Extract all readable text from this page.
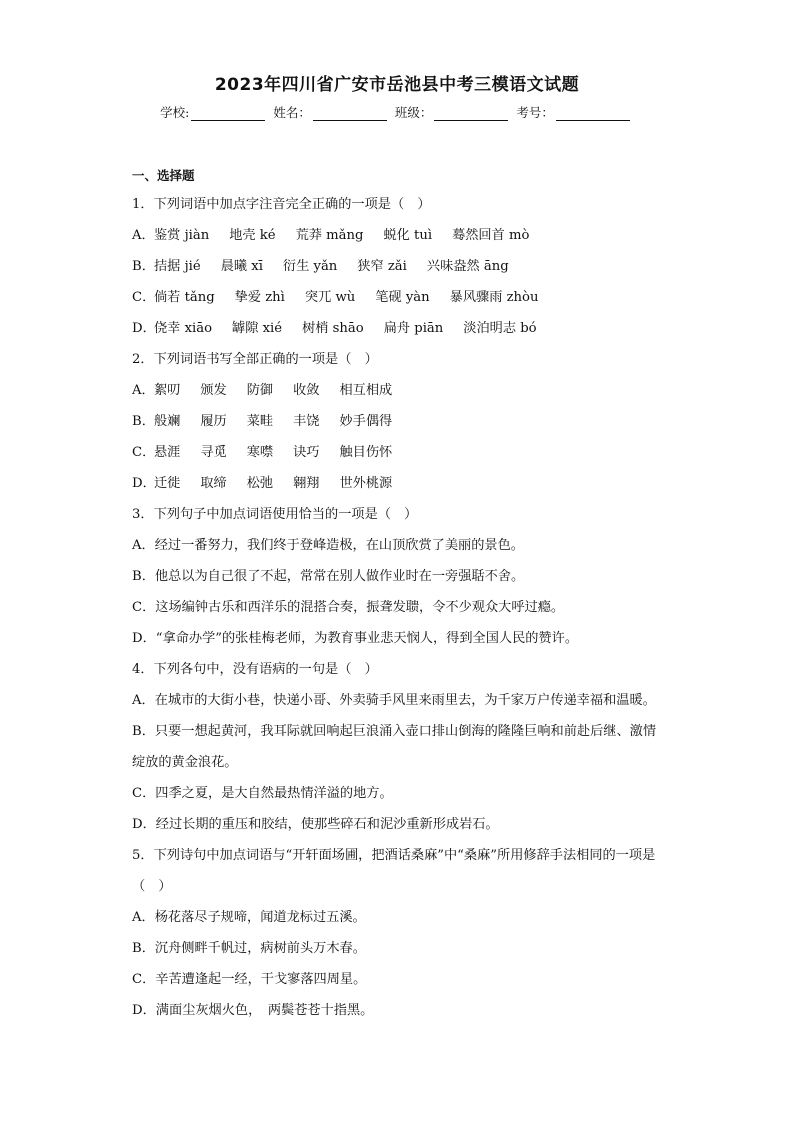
2023年四川省广安市岳池县中考三模语文试题
学校:	姓名：	班级：	考号：
一、选择题
1．下列词语中加点字注音完全正确的一项是（　）
A．鉴赏 jiàn 地壳 ké 荒莽 mǎng 蜕化 tuì 蓦然回首 mò
B．拮据 jié 晨曦 xī 衍生 yǎn 狭窄 zǎi 兴味盎然 āng
C．倘若 tǎng 挚爱 zhì 突兀 wù 笔砚 yàn 暴风骤雨 zhòu
D．侥幸 xiāo 罅隙 xié 树梢 shāo 扁舟 piān 淡泊明志 bó
2．下列词语书写全部正确的一项是（　）
A．絮叨 颁发 防御 收敛 相互相成
B．般斓 履历 菜畦 丰饶 妙手偶得
C．悬涯 寻觅 寒噤 诀巧 触目伤怀
D．迁徙 取缔 松弛 翱翔 世外桃源
3．下列句子中加点词语使用恰当的一项是（　）
A．经过一番努力，我们终于登峰造极，在山顶欣赏了美丽的景色。
B．他总以为自己很了不起，常常在别人做作业时在一旁强聒不舍。
C．这场编钟古乐和西洋乐的混搭合奏，振聋发聩，令不少观众大呼过瘾。
D．“拿命办学”的张桂梅老师，为教育事业悲天悯人，得到全国人民的赞许。
4．下列各句中，没有语病的一句是（　）
A．在城市的大街小巷，快递小哥、外卖骑手风里来雨里去，为千家万户传递幸福和温暖。
B．只要一想起黄河，我耳际就回响起巨浪涌入壶口排山倒海的隆隆巨响和前赴后继、激情绽放的黄金浪花。
C．四季之夏，是大自然最热情洋溢的地方。
D．经过长期的重压和胶结，使那些碎石和泥沙重新形成岩石。
5．下列诗句中加点词语与“开轩面场圃，把酒话桑麻”中“桑麻”所用修辞手法相同的一项是（　）
A．杨花落尽子规啼，闻道龙标过五溪。
B．沉舟侧畔千帆过，病树前头万木春。
C．辛苦遭逢起一经，干戈寥落四周星。
D．满面尘灰烟火色，　两鬓苍苍十指黑。
